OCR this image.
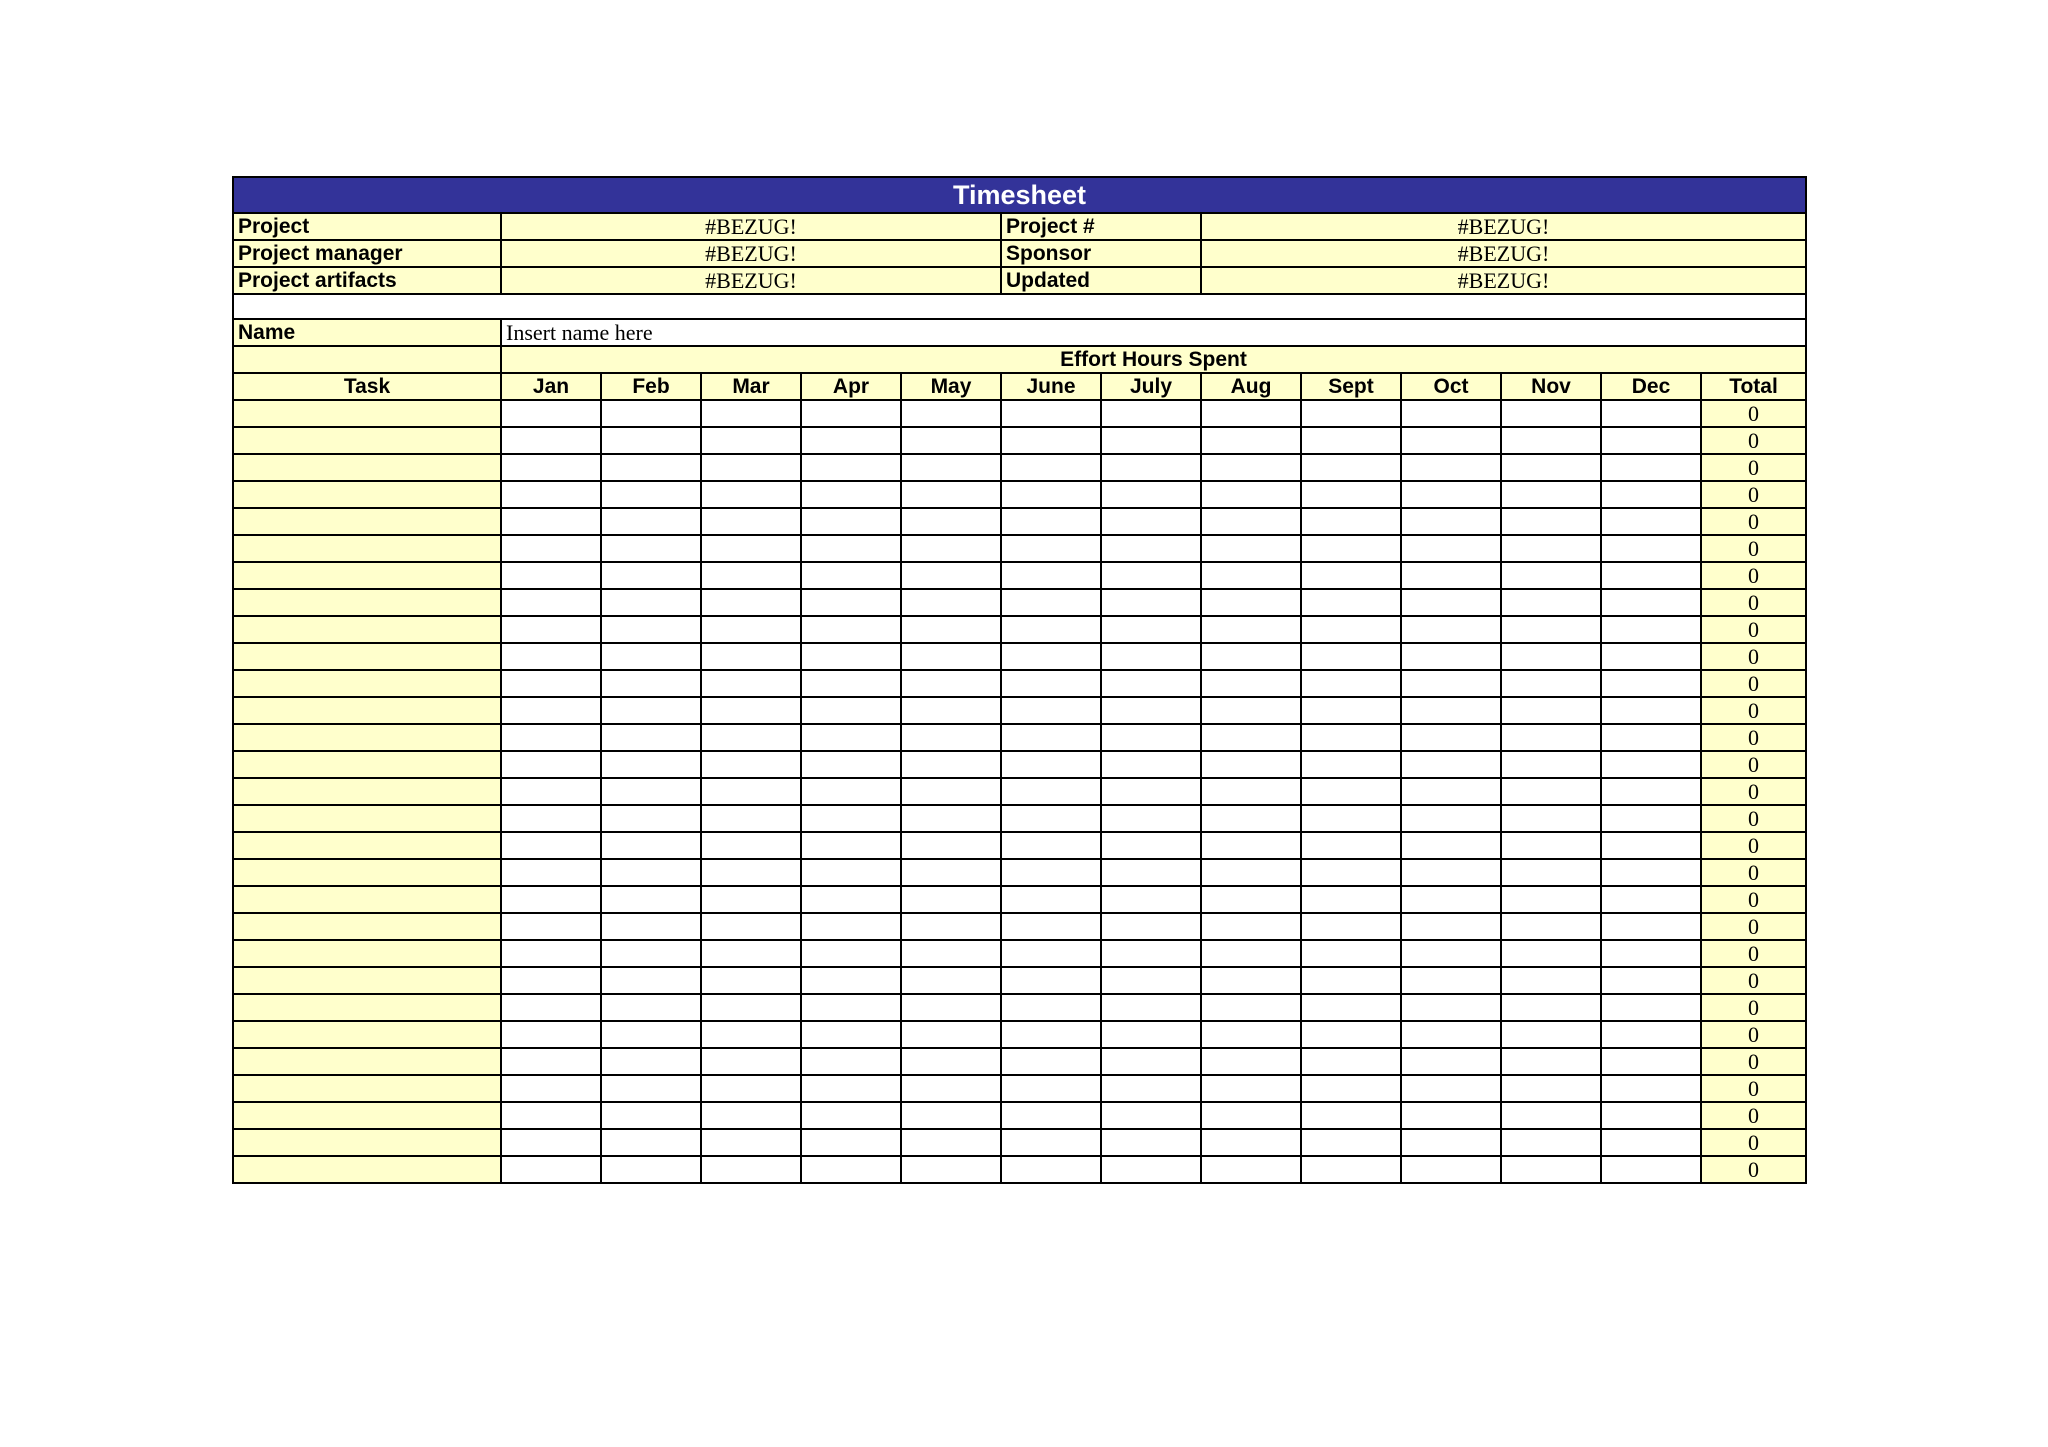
Timesheet													
Project	#BEZUG!					Project #		#BEZUG!					
Project manager	#BEZUG!					Sponsor		#BEZUG!					
Project artifacts	#BEZUG!					Updated		#BEZUG!					

Name	Insert name here												
	Effort Hours Spent												
Task	Jan	Feb	Mar	Apr	May	June	July	Aug	Sept	Oct	Nov	Dec	Total
													0
													0
													0
													0
													0
													0
													0
													0
													0
													0
													0
													0
													0
													0
													0
													0
													0
													0
													0
													0
													0
													0
													0
													0
													0
													0
													0
													0
													0
